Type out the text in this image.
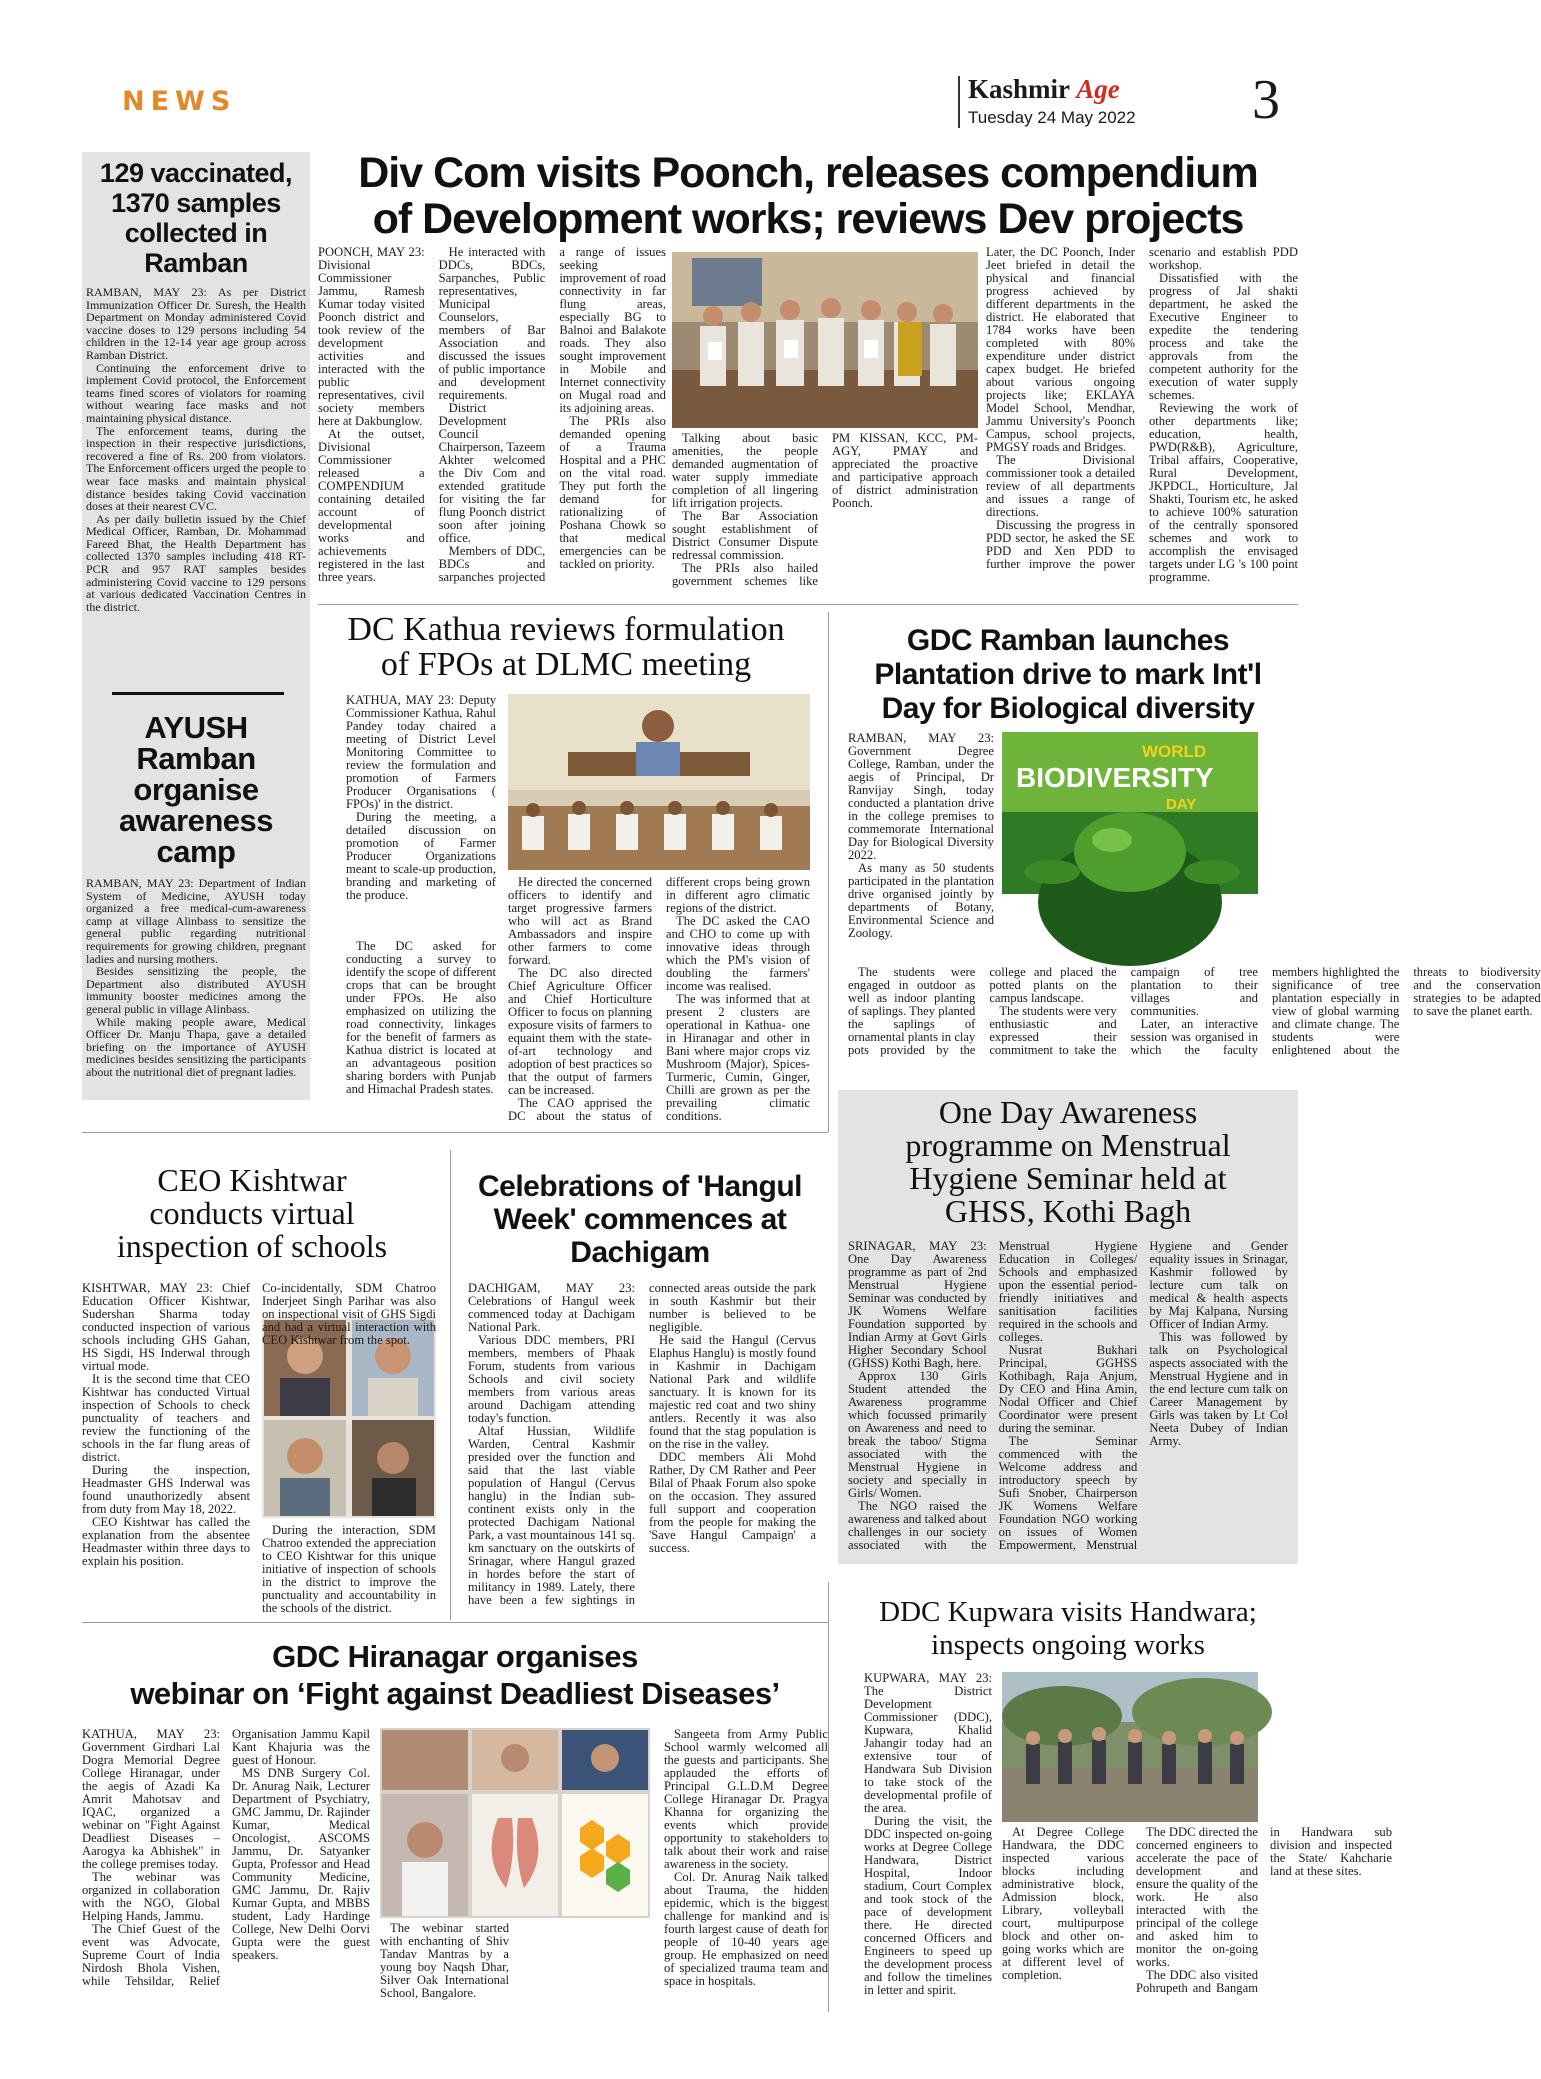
NEWS	Kashmir Age
Tuesday 24 May 2022 3
129 vaccinated, 1370 samples collected in Ramban

RAMBAN, MAY 23: As per District Immunization Officer Dr. Suresh, the Health Department on Monday administered Covid vaccine doses to 129 persons including 54 children in the 12-14 year age group across Ramban District.

Continuing the enforcement drive to implement Covid protocol, the Enforcement teams fined scores of violators for roaming without wearing face masks and not maintaining physical distance.

The enforcement teams, during the inspection in their respective jurisdictions, recovered a fine of Rs. 200 from violators. The Enforcement officers urged the people to wear face masks and maintain physical distance besides taking Covid vaccination doses at their nearest CVC.

As per daily bulletin issued by the Chief Medical Officer, Ramban, Dr. Mohammad Fareed Bhat, the Health Department has collected 1370 samples including 418 RT-PCR and 957 RAT samples besides administering Covid vaccine to 129 persons at various dedicated Vaccination Centres in the district.

AYUSH Ramban organise awareness camp

RAMBAN, MAY 23: Department of Indian System of Medicine, AYUSH today organized a free medical-cum-awareness camp at village Alinbass to sensitize the general public regarding nutritional requirements for growing children, pregnant ladies and nursing mothers.

Besides sensitizing the people, the Department also distributed AYUSH immunity booster medicines among the general public in village Alinbass.

While making people aware, Medical Officer Dr. Manju Thapa, gave a detailed briefing on the importance of AYUSH medicines besides sensitizing the participants about the nutritional diet of pregnant ladies.

Div Com visits Poonch, releases compendium
of Development works; reviews Dev projects

POONCH, MAY 23: Divisional Commissioner Jammu, Ramesh Kumar today visited Poonch district and took review of the development activities and interacted with the public representatives, civil society members here at Dakbunglow.

At the outset, Divisional Commissioner released a COMPENDIUM containing detailed account of developmental works and achievements registered in the last three years.

He interacted with DDCs, BDCs, Sarpanches, Public representatives, Municipal Counselors, members of Bar Association and discussed the issues of public importance and development requirements.

District Development Council Chairperson, Tazeem Akhter welcomed the Div Com and extended gratitude for visiting the far flung Poonch district soon after joining office.

Members of DDC, BDCs and sarpanches projected a range of issues seeking improvement of road connectivity in far flung areas, especially BG to Balnoi and Balakote roads. They also sought improvement in Mobile and Internet connectivity on Mugal road and its adjoining areas.

The PRIs also demanded opening of a Trauma Hospital and a PHC on the vital road. They put forth the demand for rationalizing of Poshana Chowk so that medical emergencies can be tackled on priority.

Talking about basic amenities, the people demanded augmentation of water supply immediate completion of all lingering lift irrigation projects.

The Bar Association sought establishment of District Consumer Dispute redressal commission.

The PRIs also hailed government schemes like PM KISSAN, KCC, PM-AGY, PMAY and appreciated the proactive and participative approach of district administration Poonch.

Later, the DC Poonch, Inder Jeet briefed in detail the physical and financial progress achieved by different departments in the district. He elaborated that 1784 works have been completed with 80% expenditure under district capex budget. He briefed about various ongoing projects like; EKLAYA Model School, Mendhar, Jammu University's Poonch Campus, school projects, PMGSY roads and Bridges.

The Divisional commissioner took a detailed review of all departments and issues a range of directions.

Discussing the progress in PDD sector, he asked the SE PDD and Xen PDD to further improve the power scenario and establish PDD workshop.

Dissatisfied with the progress of Jal shakti department, he asked the Executive Engineer to expedite the tendering process and take the approvals from the competent authority for the execution of water supply schemes.

Reviewing the work of other departments like; education, health, PWD(R&B), Agriculture, Tribal affairs, Cooperative, Rural Development, JKPDCL, Horticulture, Jal Shakti, Tourism etc, he asked to achieve 100% saturation of the centrally sponsored schemes and work to accomplish the envisaged targets under LG 's 100 point programme.

DC Kathua reviews formulation
of FPOs at DLMC meeting

KATHUA, MAY 23: Deputy Commissioner Kathua, Rahul Pandey today chaired a meeting of District Level Monitoring Committee to review the formulation and promotion of Farmers Producer Organisations ( FPOs)' in the district.

During the meeting, a detailed discussion on promotion of Farmer Producer Organizations meant to scale-up production, branding and marketing of the produce.

The DC asked for conducting a survey to identify the scope of different crops that can be brought under FPOs. He also emphasized on utilizing the road connectivity, linkages for the benefit of farmers as Kathua district is located at an advantageous position sharing borders with Punjab and Himachal Pradesh states.

He directed the concerned officers to identify and target progressive farmers who will act as Brand Ambassadors and inspire other farmers to come forward.

The DC also directed Chief Agriculture Officer and Chief Horticulture Officer to focus on planning exposure visits of farmers to equaint them with the state-of-art technology and adoption of best practices so that the output of farmers can be increased.

The CAO apprised the DC about the status of different crops being grown in different agro climatic regions of the district.

The DC asked the CAO and CHO to come up with innovative ideas through which the PM's vision of doubling the farmers' income was realised.

The was informed that at present 2 clusters are operational in Kathua- one in Hiranagar and other in Bani where major crops viz Mushroom (Major), Spices- Turmeric, Cumin, Ginger, Chilli are grown as per the prevailing climatic conditions.

GDC Ramban launches
Plantation drive to mark Int'l
Day for Biological diversity
WORLD
BIODIVERSITY
DAY

RAMBAN, MAY 23: Government Degree College, Ramban, under the aegis of Principal, Dr Ranvijay Singh, today conducted a plantation drive in the college premises to commemorate International Day for Biological Diversity 2022.

As many as 50 students participated in the plantation drive organised jointly by departments of Botany, Environmental Science and Zoology.

The students were engaged in outdoor as well as indoor planting of saplings. They planted the saplings of ornamental plants in clay pots provided by the college and placed the potted plants on the campus landscape.

The students were very enthusiastic and expressed their commitment to take the campaign of tree plantation to their villages and communities.

Later, an interactive session was organised in which the faculty members highlighted the significance of tree plantation especially in view of global warming and climate change. The students were enlightened about the threats to biodiversity and the conservation strategies to be adapted to save the planet earth.

One Day Awareness
programme on Menstrual
Hygiene Seminar held at
GHSS, Kothi Bagh

SRINAGAR, MAY 23: One Day Awareness programme as part of 2nd Menstrual Hygiene Seminar was conducted by JK Womens Welfare Foundation supported by Indian Army at Govt Girls Higher Secondary School (GHSS) Kothi Bagh, here.

Approx 130 Girls Student attended the Awareness programme which focussed primarily on Awareness and need to break the taboo/ Stigma associated with the Menstrual Hygiene in society and specially in Girls/ Women.

The NGO raised the awareness and talked about challenges in our society associated with the Menstrual Hygiene Education in Colleges/ Schools and emphasized upon the essential period-friendly initiatives and sanitisation facilities required in the schools and colleges.

Nusrat Bukhari Principal, GGHSS Kothibagh, Raja Anjum, Dy CEO and Hina Amin, Nodal Officer and Chief Coordinator were present during the seminar.

The Seminar commenced with the Welcome address and introductory speech by Sufi Snober, Chairperson JK Womens Welfare Foundation NGO working on issues of Women Empowerment, Menstrual Hygiene and Gender equality issues in Srinagar, Kashmir followed by lecture cum talk on medical & health aspects by Maj Kalpana, Nursing Officer of Indian Army.

This was followed by talk on Psychological aspects associated with the Menstrual Hygiene and in the end lecture cum talk on Career Management by Girls was taken by Lt Col Neeta Dubey of Indian Army.

CEO Kishtwar
conducts virtual
inspection of schools

KISHTWAR, MAY 23: Chief Education Officer Kishtwar, Sudershan Sharma today conducted inspection of various schools including GHS Gahan, HS Sigdi, HS Inderwal through virtual mode.

It is the second time that CEO Kishtwar has conducted Virtual inspection of Schools to check punctuality of teachers and review the functioning of the schools in the far flung areas of district.

During the inspection, Headmaster GHS Inderwal was found unauthorizedly absent from duty from May 18, 2022.

CEO Kishtwar has called the explanation from the absentee Headmaster within three days to explain his position.

Co-incidentally, SDM Chatroo Inderjeet Singh Parihar was also on inspectional visit of GHS Sigdi and had a virtual interaction with CEO Kishtwar from the spot.

During the interaction, SDM Chatroo extended the appreciation to CEO Kishtwar for this unique initiative of inspection of schools in the district to improve the punctuality and accountability in the schools of the district.

Celebrations of 'Hangul
Week' commences at
Dachigam

DACHIGAM, MAY 23: Celebrations of Hangul week commenced today at Dachigam National Park.

Various DDC members, PRI members, members of Phaak Forum, students from various Schools and civil society members from various areas around Dachigam attending today's function.

Altaf Hussian, Wildlife Warden, Central Kashmir presided over the function and said that the last viable population of Hangul (Cervus hanglu) in the Indian sub-continent exists only in the protected Dachigam National Park, a vast mountainous 141 sq. km sanctuary on the outskirts of Srinagar, where Hangul grazed in hordes before the start of militancy in 1989. Lately, there have been a few sightings in connected areas outside the park in south Kashmir but their number is believed to be negligible.

He said the Hangul (Cervus Elaphus Hanglu) is mostly found in Kashmir in Dachigam National Park and wildlife sanctuary. It is known for its majestic red coat and two shiny antlers. Recently it was also found that the stag population is on the rise in the valley.

DDC members Ali Mohd Rather, Dy CM Rather and Peer Bilal of Phaak Forum also spoke on the occasion. They assured full support and cooperation from the people for making the 'Save Hangul Campaign' a success.

GDC Hiranagar organises
webinar on ‘Fight against Deadliest Diseases’

KATHUA, MAY 23: Government Girdhari Lal Dogra Memorial Degree College Hiranagar, under the aegis of Azadi Ka Amrit Mahotsav and IQAC, organized a webinar on "Fight Against Deadliest Diseases – Aarogya ka Abhishek" in the college premises today.

The webinar was organized in collaboration with the NGO, Global Helping Hands, Jammu.

The Chief Guest of the event was Advocate, Supreme Court of India Nirdosh Bhola Vishen, while Tehsildar, Relief Organisation Jammu Kapil Kant Khajuria was the guest of Honour.

MS DNB Surgery Col. Dr. Anurag Naik, Lecturer Department of Psychiatry, GMC Jammu, Dr. Rajinder Kumar, Medical Oncologist, ASCOMS Jammu, Dr. Satyanker Gupta, Professor and Head Community Medicine, GMC Jammu, Dr. Rajiv Kumar Gupta, and MBBS student, Lady Hardinge College, New Delhi Oorvi Gupta were the guest speakers.

The webinar started with enchanting of Shiv Tandav Mantras by a young boy Naqsh Dhar, Silver Oak International School, Bangalore.

Sangeeta from Army Public School warmly welcomed all the guests and participants. She applauded the efforts of Principal G.L.D.M Degree College Hiranagar Dr. Pragya Khanna for organizing the events which provide opportunity to stakeholders to talk about their work and raise awareness in the society.

Col. Dr. Anurag Naik talked about Trauma, the hidden epidemic, which is the biggest challenge for mankind and is fourth largest cause of death for people of 10-40 years age group. He emphasized on need of specialized trauma team and space in hospitals.

DDC Kupwara visits Handwara;
inspects ongoing works

KUPWARA, MAY 23: The District Development Commissioner (DDC), Kupwara, Khalid Jahangir today had an extensive tour of Handwara Sub Division to take stock of the developmental profile of the area.

During the visit, the DDC inspected on-going works at Degree College Handwara, District Hospital, Indoor stadium, Court Complex and took stock of the pace of development there. He directed concerned Officers and Engineers to speed up the development process and follow the timelines in letter and spirit.

At Degree College Handwara, the DDC inspected various blocks including administrative block, Admission block, Library, volleyball court, multipurpose block and other on-going works which are at different level of completion.

The DDC directed the concerned engineers to accelerate the pace of development and ensure the quality of the work. He also interacted with the principal of the college and asked him to monitor the on-going works.

The DDC also visited Pohrupeth and Bangam in Handwara sub division and inspected the State/ Kahcharie land at these sites.
